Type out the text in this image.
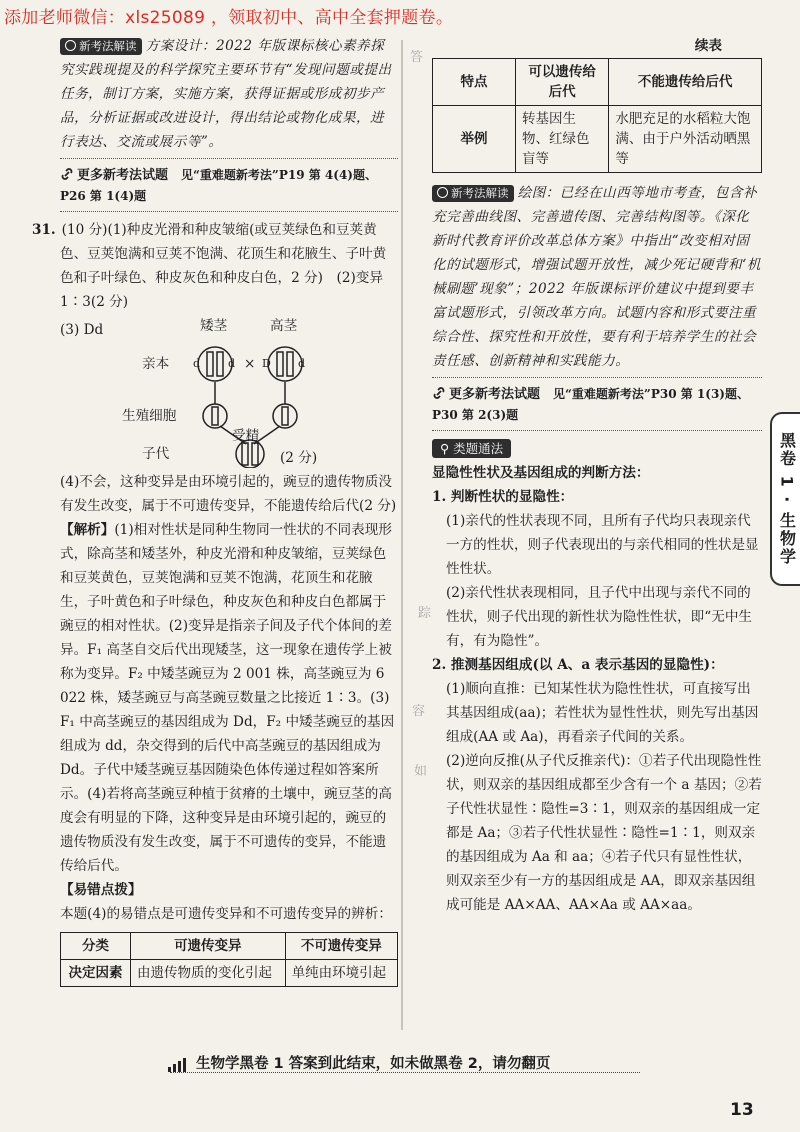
添加老师微信：xls25089 ，领取初中、高中全套押题卷。
答
踪
容
如

新考法解读 方案设计：2022 年版课标核心素养探究实践现提及的科学探究主要环节有“发现问题或提出任务，制订方案，实施方案，获得证据或形成初步产品，分析证据或改进设计，得出结论或物化成果，进行表达、交流或展示等”。

更多新考法试题　 见“重难题新考法”P19 第 4(4)题、P26 第 1(4)题

31. (10 分)(1)种皮光滑和种皮皱缩(或豆荚绿色和豆荚黄色、豆荚饱满和豆荚不饱满、花顶生和花腋生、子叶黄色和子叶绿色、种皮灰色和种皮白色，2 分)　(2)变异　1∶3(2 分)

(3) Dd	矮茎	高茎
亲本 d	d × D d
生殖细胞
受精
子代	(2 分)

(4)不会，这种变异是由环境引起的，豌豆的遗传物质没有发生改变，属于不可遗传变异，不能遗传给后代(2 分)

【解析】(1)相对性状是同种生物同一性状的不同表现形式，除高茎和矮茎外，种皮光滑和种皮皱缩，豆荚绿色和豆荚黄色，豆荚饱满和豆荚不饱满，花顶生和花腋生，子叶黄色和子叶绿色，种皮灰色和种皮白色都属于豌豆的相对性状。(2)变异是指亲子间及子代个体间的差异。F₁ 高茎自交后代出现矮茎，这一现象在遗传学上被称为变异。F₂ 中矮茎豌豆为 2 001 株，高茎豌豆为 6 022 株，矮茎豌豆与高茎豌豆数量之比接近 1∶3。(3) F₁ 中高茎豌豆的基因组成为 Dd，F₂ 中矮茎豌豆的基因组成为 dd，杂交得到的后代中高茎豌豆的基因组成为 Dd。子代中矮茎豌豆基因随染色体传递过程如答案所示。(4)若将高茎豌豆种植于贫瘠的土壤中，豌豆茎的高度会有明显的下降，这种变异是由环境引起的，豌豆的遗传物质没有发生改变，属于不可遗传的变异，不能遗传给后代。

【易错点拨】

本题(4)的易错点是可遗传变异和不可遗传变异的辨析：

分类	可遗传变异	不可遗传变异
决定因素	由遗传物质的变化引起	单纯由环境引起

续表

特点	可以遗传给后代	不能遗传给后代
举例	转基因生物、红绿色盲等	水肥充足的水稻粒大饱满、由于户外活动晒黑等

新考法解读 绘图：已经在山西等地市考查，包含补充完善曲线图、完善遗传图、完善结构图等。《深化新时代教育评价改革总体方案》中指出“改变相对固化的试题形式，增强试题开放性，减少死记硬背和‘机械刷题’现象”；2022 年版课标评价建议中提到要丰富试题形式，引领改革方向。试题内容和形式要注重综合性、探究性和开放性，要有利于培养学生的社会责任感、创新精神和实践能力。

更多新考法试题　 见“重难题新考法”P30 第 1(3)题、P30 第 2(3)题

⚲ 类题通法

显隐性性状及基因组成的判断方法：

1. 判断性状的显隐性：

(1)亲代的性状表现不同，且所有子代均只表现亲代一方的性状，则子代表现出的与亲代相同的性状是显性性状。

(2)亲代性状表现相同，且子代中出现与亲代不同的性状，则子代出现的新性状为隐性性状，即“无中生有，有为隐性”。

2. 推测基因组成(以 A、a 表示基因的显隐性)：

(1)顺向直推：已知某性状为隐性性状，可直接写出其基因组成(aa)；若性状为显性性状，则先写出基因组成(AA 或 Aa)，再看亲子代间的关系。

(2)逆向反推(从子代反推亲代)：①若子代出现隐性性状，则双亲的基因组成都至少含有一个 a 基因；②若子代性状显性∶隐性=3∶1，则双亲的基因组成一定都是 Aa；③若子代性状显性∶隐性=1∶1，则双亲的基因组成为 Aa 和 aa；④若子代只有显性性状，则双亲至少有一方的基因组成是 AA，即双亲基因组成可能是 AA×AA、AA×Aa 或 AA×aa。

黑卷 1 · 生物学
生物学黑卷 1 答案到此结束，如未做黑卷 2，请勿翻页
13
